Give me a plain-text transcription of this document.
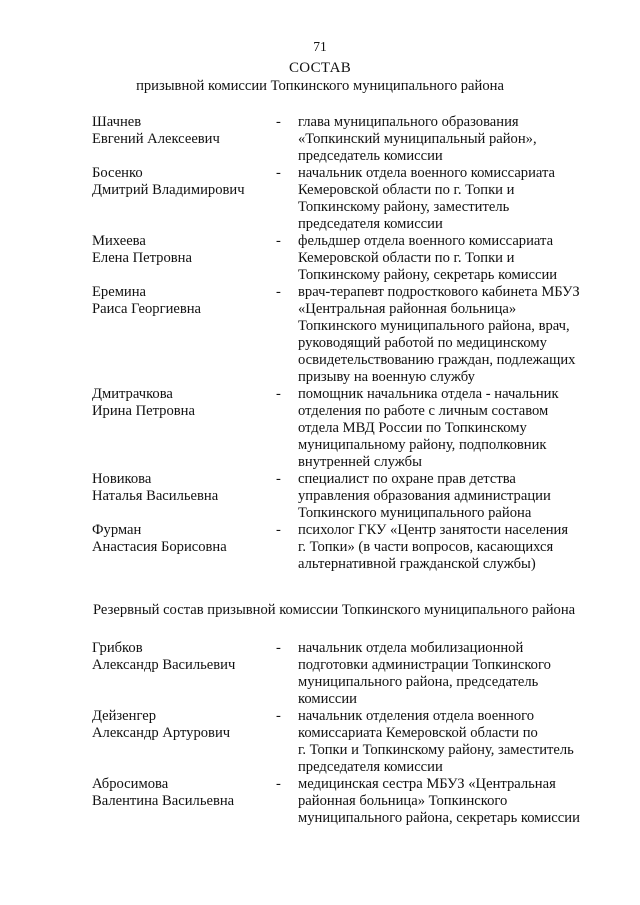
71
СОСТАВ
призывной комиссии Топкинского муниципального района
Шачнев
Евгений Алексеевич
-	глава муниципального образования
«Топкинский муниципальный район»,
председатель комиссии
Босенко
Дмитрий Владимирович
-	начальник отдела военного комиссариата
Кемеровской области по г. Топки и
Топкинскому району, заместитель
председателя комиссии
Михеева
Елена Петровна
-	фельдшер отдела военного комиссариата
Кемеровской области по г. Топки и
Топкинскому району, секретарь комиссии
Еремина
Раиса Георгиевна
-	врач-терапевт подросткового кабинета МБУЗ
«Центральная районная больница»
Топкинского муниципального района, врач,
руководящий работой по медицинскому
освидетельствованию граждан, подлежащих
призыву на военную службу
Дмитрачкова
Ирина Петровна
-	помощник начальника отдела - начальник
отделения по работе с личным составом
отдела МВД России по Топкинскому
муниципальному району, подполковник
внутренней службы
Новикова
Наталья Васильевна
-	специалист по охране прав детства
управления образования администрации
Топкинского муниципального района
Фурман
Анастасия Борисовна
-	психолог ГКУ «Центр занятости населения
г. Топки» (в части вопросов, касающихся
альтернативной гражданской службы)
Резервный состав призывной комиссии Топкинского муниципального района
Грибков
Александр Васильевич
-	начальник отдела мобилизационной
подготовки администрации Топкинского
муниципального района, председатель
комиссии
Дейзенгер
Александр Артурович
-	начальник отделения отдела военного
комиссариата Кемеровской области по
г. Топки и Топкинскому району, заместитель
председателя комиссии
Абросимова
Валентина Васильевна
-	медицинская сестра МБУЗ «Центральная
районная больница» Топкинского
муниципального района, секретарь комиссии
